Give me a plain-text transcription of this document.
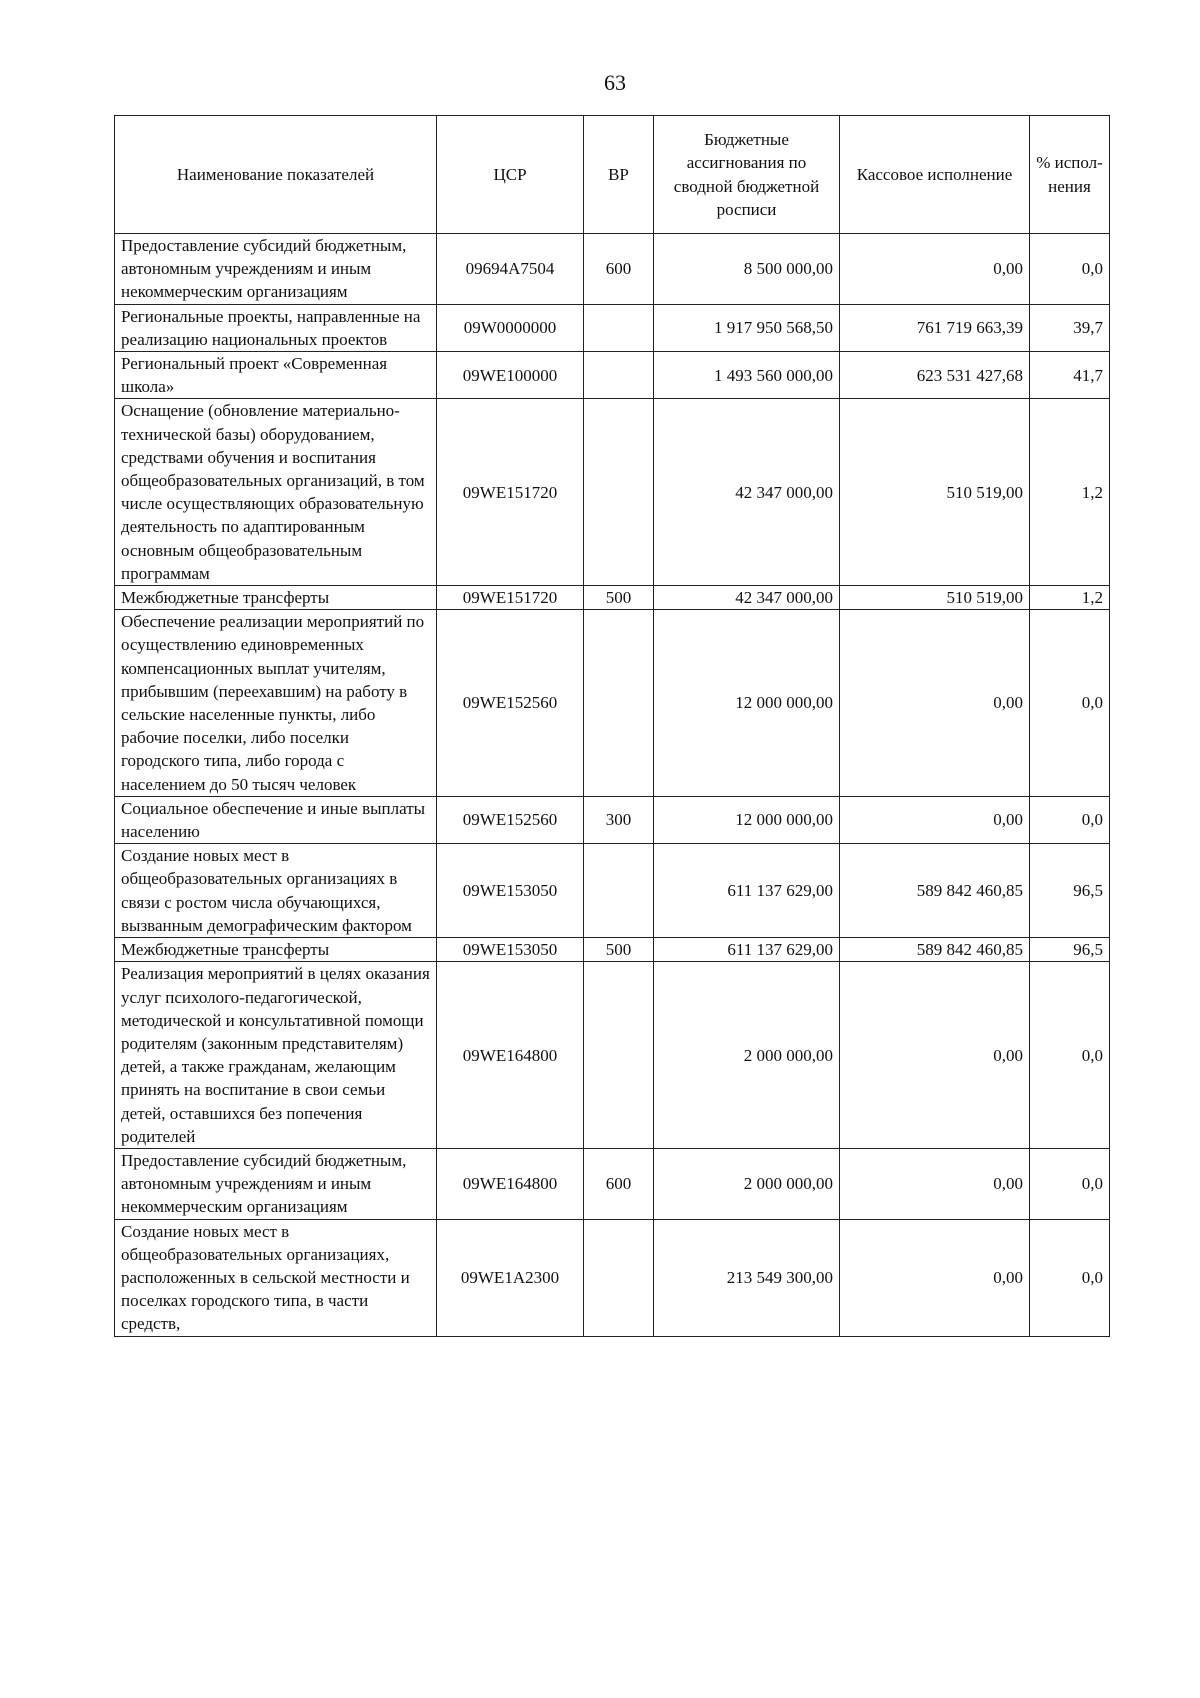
63
Наименование показателей	ЦСР	ВР	Бюджетные ассигнования по сводной бюджетной росписи	Кассовое исполнение	% испол-нения
Предоставление субсидий бюджетным, автономным учреждениям и иным некоммерческим организациям	09694А7504	600	8 500 000,00	0,00	0,0
Региональные проекты, направленные на реализацию национальных проектов	09W0000000		1 917 950 568,50	761 719 663,39	39,7
Региональный проект «Современная школа»	09WE100000		1 493 560 000,00	623 531 427,68	41,7
Оснащение (обновление материально-технической базы) оборудованием, средствами обучения и воспитания общеобразовательных организаций, в том числе осуществляющих образовательную деятельность по адаптированным основным общеобразовательным программам	09WE151720		42 347 000,00	510 519,00	1,2
Межбюджетные трансферты	09WE151720	500	42 347 000,00	510 519,00	1,2
Обеспечение реализации мероприятий по осуществлению единовременных компенсационных выплат учителям, прибывшим (переехавшим) на работу в сельские населенные пункты, либо рабочие поселки, либо поселки городского типа, либо города с населением до 50 тысяч человек	09WE152560		12 000 000,00	0,00	0,0
Социальное обеспечение и иные выплаты населению	09WE152560	300	12 000 000,00	0,00	0,0
Создание новых мест в общеобразовательных организациях в связи с ростом числа обучающихся, вызванным демографическим фактором	09WE153050		611 137 629,00	589 842 460,85	96,5
Межбюджетные трансферты	09WE153050	500	611 137 629,00	589 842 460,85	96,5
Реализация мероприятий в целях оказания услуг психолого-педагогической, методической и консультативной помощи родителям (законным представителям) детей, а также гражданам, желающим принять на воспитание в свои семьи детей, оставшихся без попечения родителей	09WE164800		2 000 000,00	0,00	0,0
Предоставление субсидий бюджетным, автономным учреждениям и иным некоммерческим организациям	09WE164800	600	2 000 000,00	0,00	0,0
Создание новых мест в общеобразовательных организациях, расположенных в сельской местности и поселках городского типа, в части средств,	09WE1А2300		213 549 300,00	0,00	0,0
